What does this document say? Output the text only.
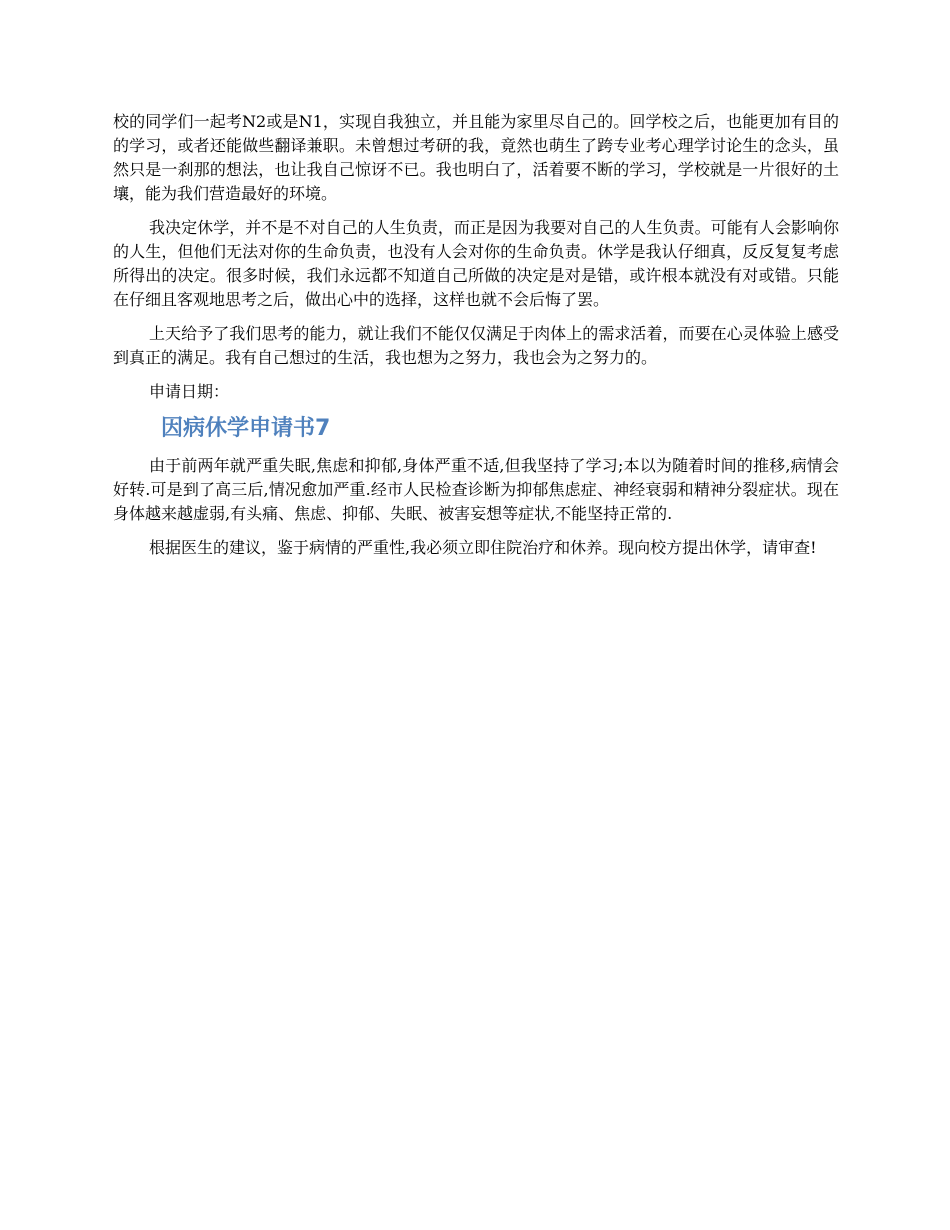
校的同学们一起考N2或是N1，实现自我独立，并且能为家里尽自己的。回学校之后，也能更加有目的的学习，或者还能做些翻译兼职。未曾想过考研的我，竟然也萌生了跨专业考心理学讨论生的念头，虽然只是一刹那的想法，也让我自己惊讶不已。我也明白了，活着要不断的学习，学校就是一片很好的土壤，能为我们营造最好的环境。

我决定休学，并不是不对自己的人生负责，而正是因为我要对自己的人生负责。可能有人会影响你的人生，但他们无法对你的生命负责，也没有人会对你的生命负责。休学是我认仔细真，反反复复考虑所得出的决定。很多时候，我们永远都不知道自己所做的决定是对是错，或许根本就没有对或错。只能在仔细且客观地思考之后，做出心中的选择，这样也就不会后悔了罢。

上天给予了我们思考的能力，就让我们不能仅仅满足于肉体上的需求活着，而要在心灵体验上感受到真正的满足。我有自己想过的生活，我也想为之努力，我也会为之努力的。

申请日期：

因病休学申请书7

由于前两年就严重失眠,焦虑和抑郁,身体严重不适,但我坚持了学习;本以为随着时间的推移,病情会好转.可是到了高三后,情况愈加严重.经市人民检查诊断为抑郁焦虑症、神经衰弱和精神分裂症状。现在身体越来越虚弱,有头痛、焦虑、抑郁、失眠、被害妄想等症状,不能坚持正常的.

根据医生的建议，鉴于病情的严重性,我必须立即住院治疗和休养。现向校方提出休学，请审查!
